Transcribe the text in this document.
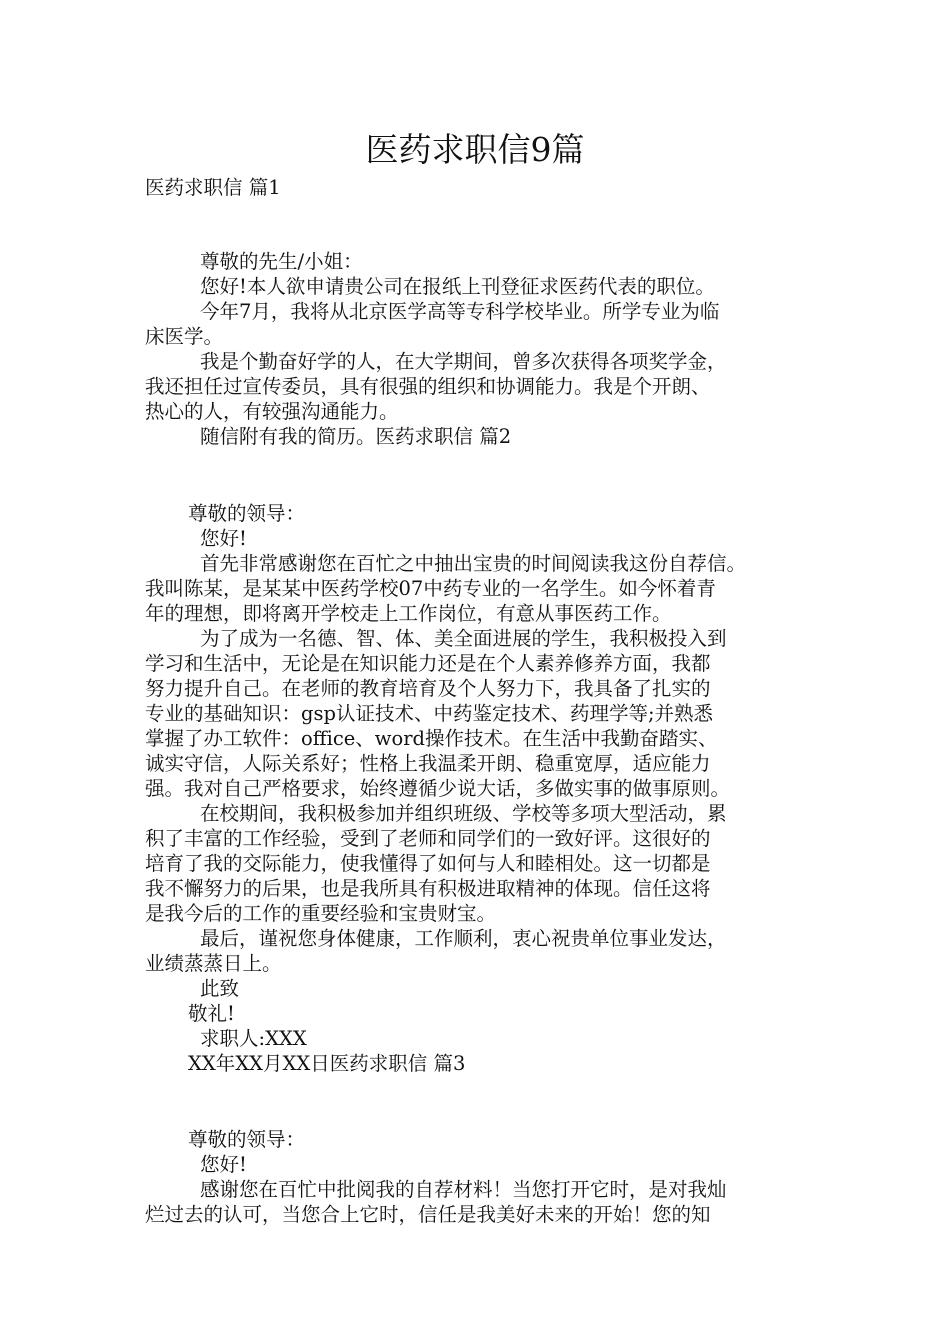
医药求职信9篇

医药求职信 篇1

尊敬的先生/小姐：

您好!本人欲申请贵公司在报纸上刊登征求医药代表的职位。

今年7月，我将从北京医学高等专科学校毕业。所学专业为临

床医学。

我是个勤奋好学的人，在大学期间，曾多次获得各项奖学金，

我还担任过宣传委员，具有很强的组织和协调能力。我是个开朗、

热心的人，有较强沟通能力。

随信附有我的简历。医药求职信 篇2

尊敬的领导：

您好!

首先非常感谢您在百忙之中抽出宝贵的时间阅读我这份自荐信。

我叫陈某，是某某中医药学校07中药专业的一名学生。如今怀着青

年的理想，即将离开学校走上工作岗位，有意从事医药工作。

为了成为一名德、智、体、美全面进展的学生，我积极投入到

学习和生活中，无论是在知识能力还是在个人素养修养方面，我都

努力提升自己。在老师的教育培育及个人努力下，我具备了扎实的

专业的基础知识：gsp认证技术、中药鉴定技术、药理学等;并熟悉

掌握了办工软件：office、word操作技术。在生活中我勤奋踏实、

诚实守信，人际关系好；性格上我温柔开朗、稳重宽厚，适应能力

强。我对自己严格要求，始终遵循少说大话，多做实事的做事原则。

在校期间，我积极参加并组织班级、学校等多项大型活动，累

积了丰富的工作经验，受到了老师和同学们的一致好评。这很好的

培育了我的交际能力，使我懂得了如何与人和睦相处。这一切都是

我不懈努力的后果，也是我所具有积极进取精神的体现。信任这将

是我今后的工作的重要经验和宝贵财宝。

最后，谨祝您身体健康，工作顺利，衷心祝贵单位事业发达，

业绩蒸蒸日上。

此致

敬礼!

求职人:XXX

XX年XX月XX日医药求职信 篇3

尊敬的领导：

您好!

感谢您在百忙中批阅我的自荐材料！当您打开它时，是对我灿

烂过去的认可，当您合上它时，信任是我美好未来的开始！您的知
